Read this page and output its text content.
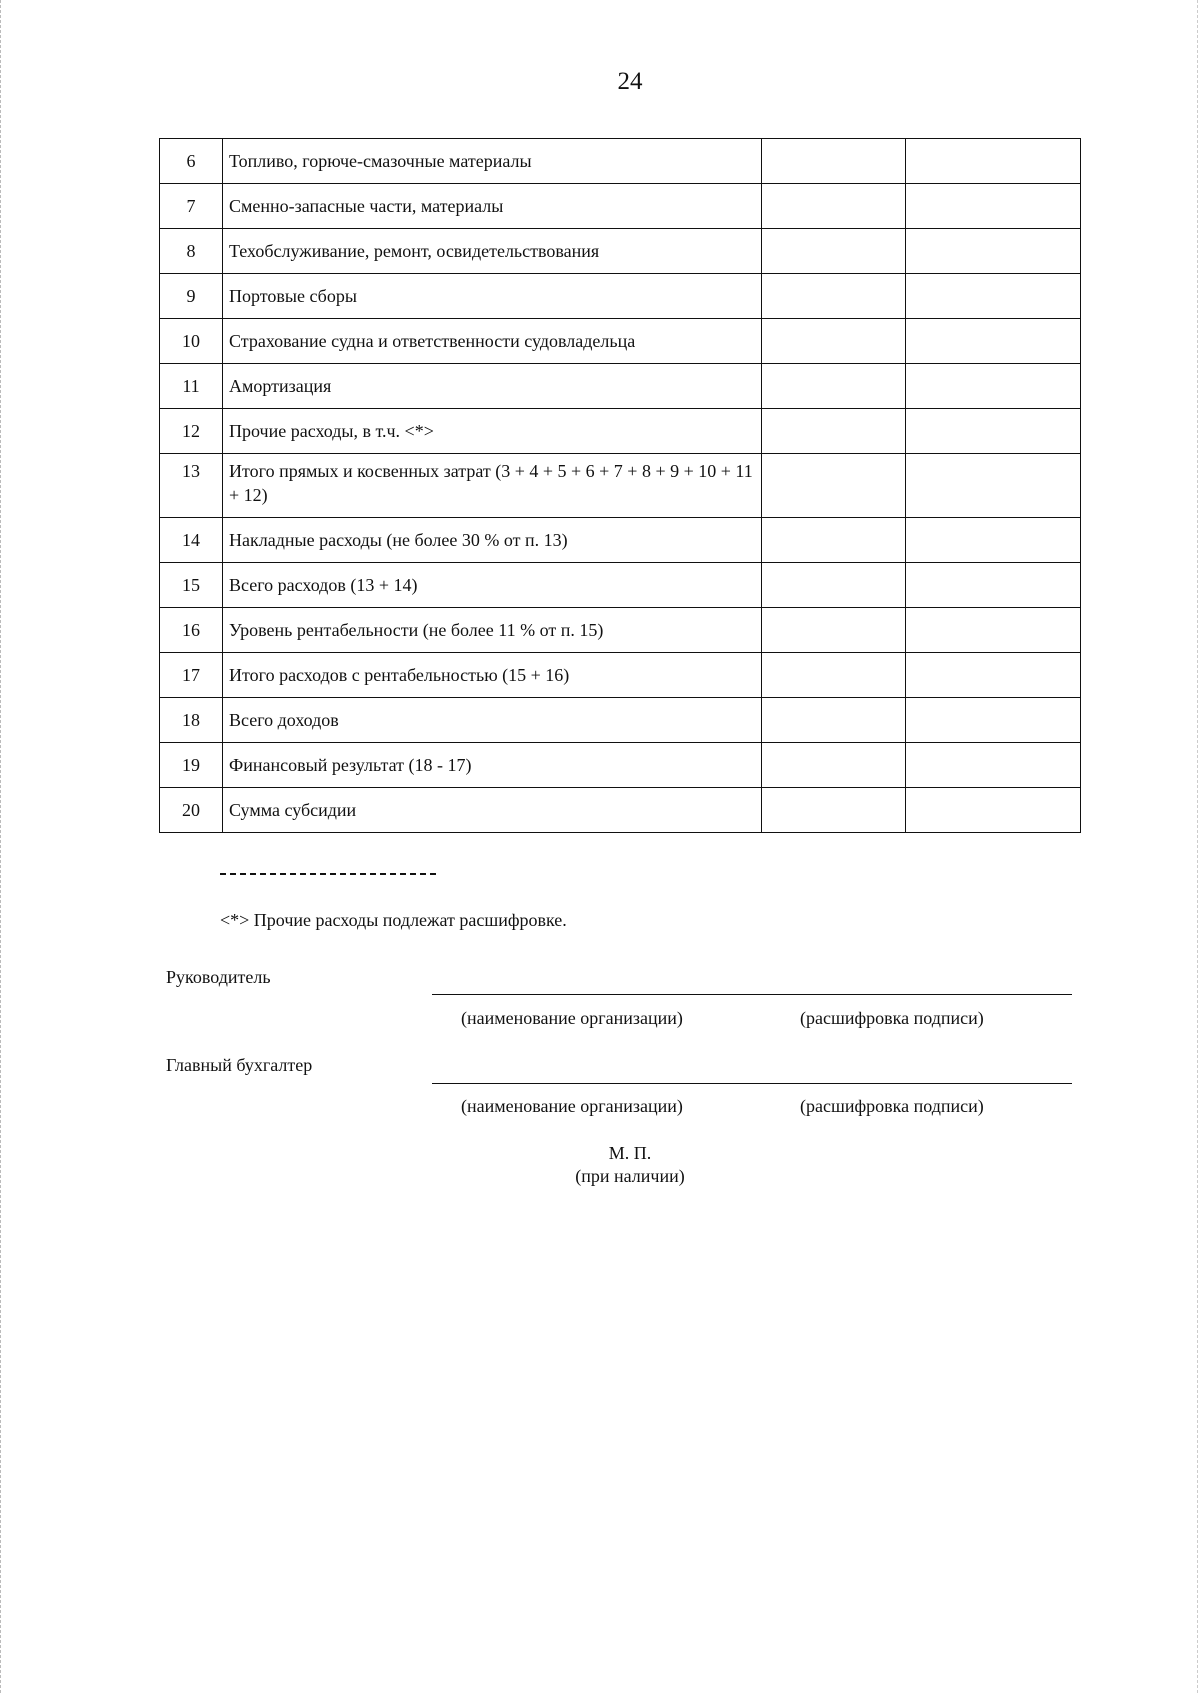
24
6	Топливо, горюче-смазочные материалы		
7	Сменно-запасные части, материалы		
8	Техобслуживание, ремонт, освидетельствования		
9	Портовые сборы		
10	Страхование судна и ответственности судовладельца		
11	Амортизация		
12	Прочие расходы, в т.ч. <*>		
13	Итого прямых и косвенных затрат (3 + 4 + 5 + 6 + 7 + 8 + 9 + 10 + 11 + 12)		
14	Накладные расходы (не более 30 % от п. 13)		
15	Всего расходов (13 + 14)		
16	Уровень рентабельности (не более 11 % от п. 15)		
17	Итого расходов с рентабельностью (15 + 16)		
18	Всего доходов		
19	Финансовый результат (18 - 17)		
20	Сумма субсидии		
<*> Прочие расходы подлежат расшифровке.
Руководитель
(наименование организации)	(расшифровка подписи)
Главный бухгалтер
(наименование организации)	(расшифровка подписи)
М. П.
(при наличии)
